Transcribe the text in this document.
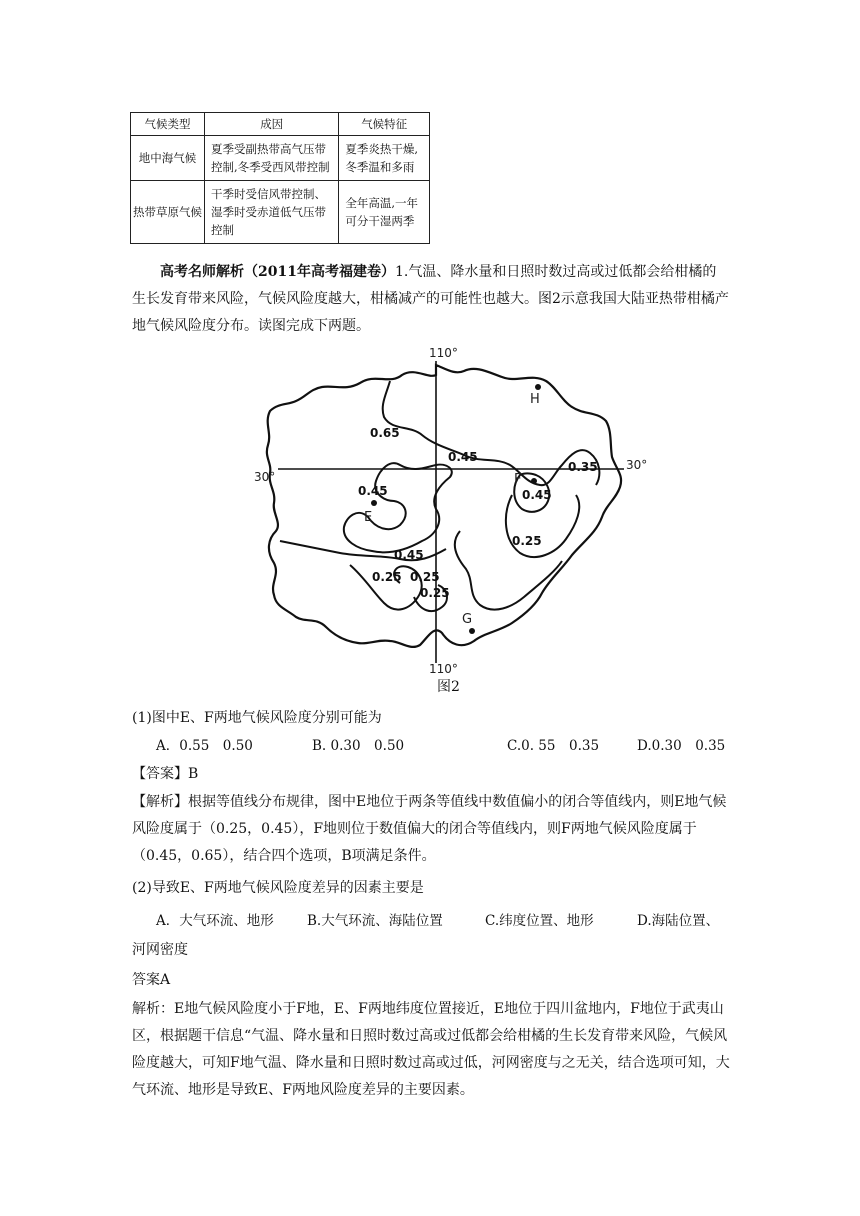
气候类型	成因	气候特征
地中海气候	夏季受副热带高气压带控制,冬季受西风带控制	夏季炎热干燥,冬季温和多雨
热带草原气候	干季时受信风带控制、湿季时受赤道低气压带控制	全年高温,一年可分干湿两季

高考名师解析（2011年高考福建卷）1.气温、降水量和日照时数过高或过低都会给柑橘的生长发育带来风险，气候风险度越大，柑橘减产的可能性也越大。图2示意我国大陆亚热带柑橘产地气候风险度分布。读图完成下两题。

110°
110°
30°
30°
H
F
E
G
0.65
0.45
0.35
0.45
0.45
0.25
0.45
0.25 0.25
0.25
图2

(1)图中E、F两地气候风险度分别可能为

A．0.55　0.50	B. 0.30　0.50	C.0. 55　0.35	D.0.30　0.35

【答案】B

【解析】根据等值线分布规律，图中E地位于两条等值线中数值偏小的闭合等值线内，则E地气候风险度属于（0.25，0.45），F地则位于数值偏大的闭合等值线内，则F两地气候风险度属于（0.45，0.65），结合四个选项，B项满足条件。

(2)导致E、F两地气候风险度差异的因素主要是

A．大气环流、地形 B.大气环流、海陆位置	C.纬度位置、地形	D.海陆位置、

河网密度

答案A

解析：E地气候风险度小于F地，E、F两地纬度位置接近，E地位于四川盆地内，F地位于武夷山区，根据题干信息“气温、降水量和日照时数过高或过低都会给柑橘的生长发育带来风险，气候风险度越大，可知F地气温、降水量和日照时数过高或过低，河网密度与之无关，结合选项可知，大气环流、地形是导致E、F两地风险度差异的主要因素。
